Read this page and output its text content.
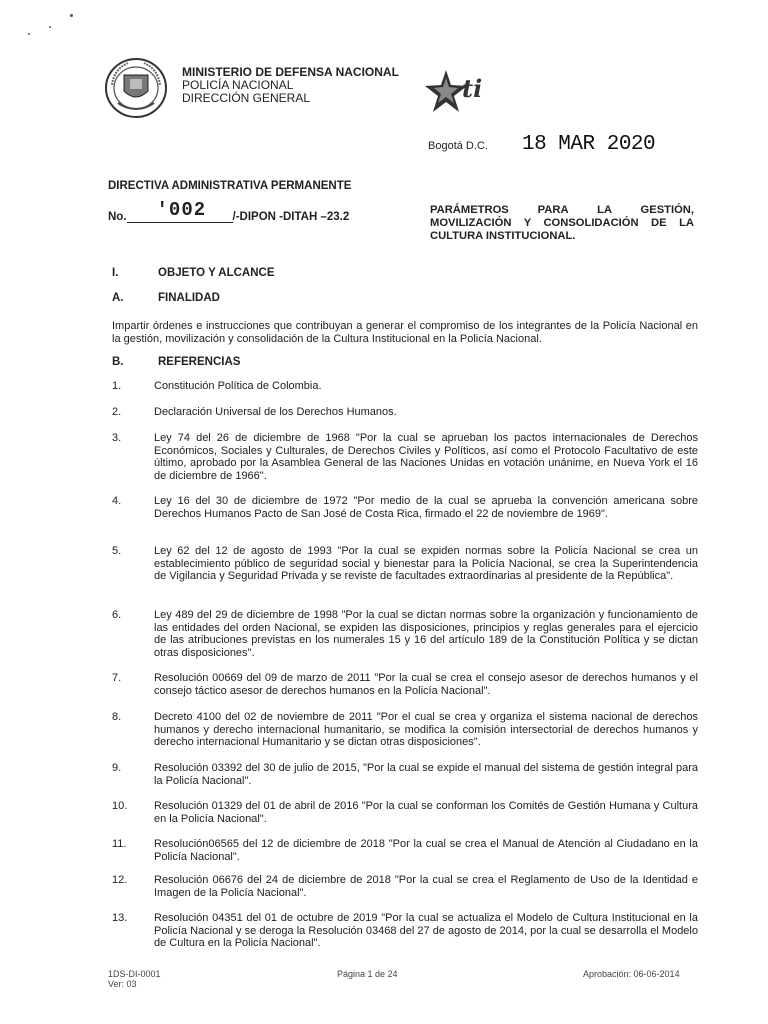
MINISTERIO DE DEFENSA NACIONAL
POLICÍA NACIONAL
DIRECCIÓN GENERAL	ti
Bogotá D.C. 18 MAR 2020
DIRECTIVA ADMINISTRATIVA PERMANENTE
No. '002 /-DIPON -DITAH –23.2
PARÁMETROS PARA LA GESTIÓN, MOVILIZACIÓN Y CONSOLIDACIÓN DE LA CULTURA INSTITUCIONAL.
I.	OBJETO Y ALCANCE
A.	FINALIDAD
Impartir órdenes e instrucciones que contribuyan a generar el compromiso de los integrantes de la Policía Nacional en la gestión, movilización y consolidación de la Cultura Institucional en la Policía Nacional.
B.	REFERENCIAS
1.	Constitución Política de Colombia.
2.	Declaración Universal de los Derechos Humanos.
3.	Ley 74 del 26 de diciembre de 1968 "Por la cual se aprueban los pactos internacionales de Derechos Económicos, Sociales y Culturales, de Derechos Civiles y Políticos, así como el Protocolo Facultativo de este último, aprobado por la Asamblea General de las Naciones Unidas en votación unánime, en Nueva York el 16 de diciembre de 1966".
4.	Ley 16 del 30 de diciembre de 1972 "Por medio de la cual se aprueba la convención americana sobre Derechos Humanos Pacto de San José de Costa Rica, firmado el 22 de noviembre de 1969".
5.	Ley 62 del 12 de agosto de 1993 "Por la cual se expiden normas sobre la Policía Nacional se crea un establecimiento público de seguridad social y bienestar para la Policía Nacional, se crea la Superintendencia de Vigilancia y Seguridad Privada y se reviste de facultades extraordinarias al presidente de la República".
6.	Ley 489 del 29 de diciembre de 1998 "Por la cual se dictan normas sobre la organización y funcionamiento de las entidades del orden Nacional, se expiden las disposiciones, principios y reglas generales para el ejercicio de las atribuciones previstas en los numerales 15 y 16 del artículo 189 de la Constitución Política y se dictan otras disposiciones".
7.	Resolución 00669 del 09 de marzo de 2011 "Por la cual se crea el consejo asesor de derechos humanos y el consejo táctico asesor de derechos humanos en la Policía Nacional".
8.	Decreto 4100 del 02 de noviembre de 2011 "Por el cual se crea y organiza el sistema nacional de derechos humanos y derecho internacional humanitario, se modifica la comisión intersectorial de derechos humanos y derecho internacional Humanitario y se dictan otras disposiciones".
9.	Resolución 03392 del 30 de julio de 2015, "Por la cual se expide el manual del sistema de gestión integral para la Policía Nacional".
10. Resolución 01329 del 01 de abril de 2016 "Por la cual se conforman los Comités de Gestión Humana y Cultura en la Policía Nacional".
11.	Resolución06565 del 12 de diciembre de 2018 "Por la cual se crea el Manual de Atención al Ciudadano en la Policía Nacional".
12. Resolución 06676 del 24 de diciembre de 2018 "Por la cual se crea el Reglamento de Uso de la Identidad e Imagen de la Policía Nacional".
13. Resolución 04351 del 01 de octubre de 2019 "Por la cual se actualiza el Modelo de Cultura Institucional en la Policía Nacional y se deroga la Resolución 03468 del 27 de agosto de 2014, por la cual se desarrolla el Modelo de Cultura en la Policía Nacional".
1DS-DI-0001
Ver: 03
Página 1 de 24	Aprobación: 06-06-2014
